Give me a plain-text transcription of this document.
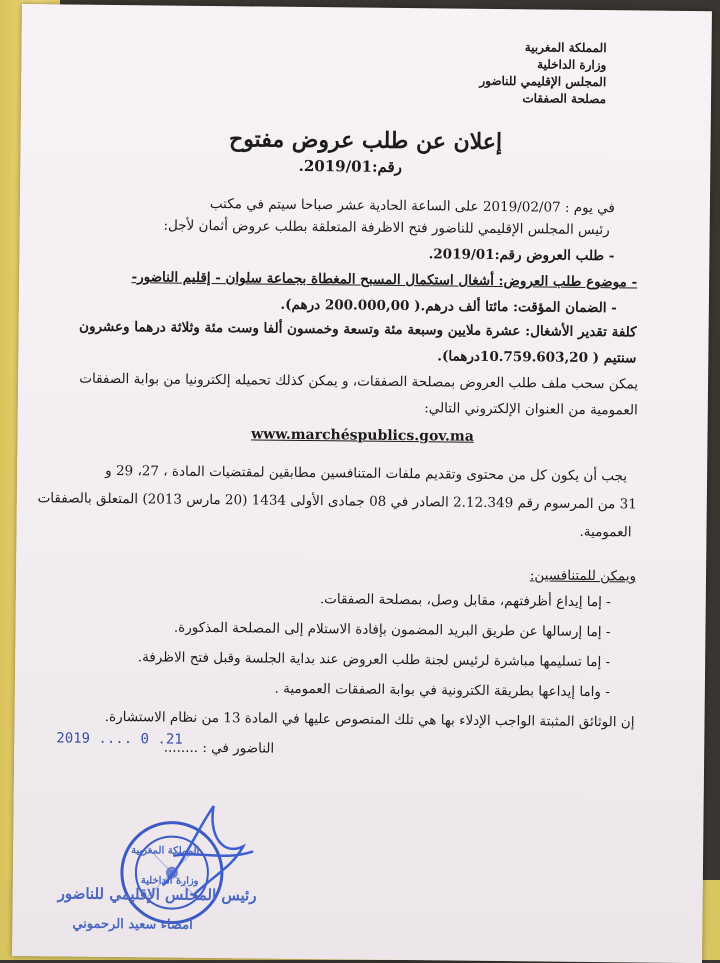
المملكة المغربية
وزارة الداخلية
المجلس الإقليمي للناضور
مصلحة الصفقات
إعلان عن طلب عروض مفتوح
رقم:2019/01.
في يوم : 2019/02/07 على الساعة الحادية عشر صباحا سيتم في مكتب
رئيس المجلس الإقليمي للناضور فتح الاظرفة المتعلقة بطلب عروض أثمان لأجل:
- طلب العروض رقم:2019/01.
- موضوع طلب العروض: أشغال استكمال المسبح المغطاة بجماعة سلوان - إقليم الناضور-
- الضمان المؤقت: مائتا ألف درهم.( 200.000,00 درهم).
كلفة تقدير الأشغال: عشرة ملايين وسبعة مئة وتسعة وخمسون ألفا وست مئة وثلاثة درهما وعشرون
سنتيم ( 10.759.603,20درهما).
يمكن سحب ملف طلب العروض بمصلحة الصفقات، و يمكن كذلك تحميله إلكترونيا من بوابة الصفقات
العمومية من العنوان الإلكتروني التالي:
www.marchéspublics.gov.ma
يجب أن يكون كل من محتوى وتقديم ملفات المتنافسين مطابقين لمقتضيات المادة ، 27، 29 و
31 من المرسوم رقم 2.12.349 الصادر في 08 جمادى الأولى 1434 (20 مارس 2013) المتعلق بالصفقات
العمومية.
ويمكن للمتنافسين:
- إما إيداع أظرفتهم، مقابل وصل، بمصلحة الصفقات.
- إما إرسالها عن طريق البريد المضمون بإفادة الاستلام إلى المصلحة المذكورة.
- إما تسليمها مباشرة لرئيس لجنة طلب العروض عند بداية الجلسة وقبل فتح الاظرفة.
- واما إيداعها بطريقة الكترونية في بوابة الصفقات العمومية .
إن الوثائق المثبتة الواجب الإدلاء بها هي تلك المنصوص عليها في المادة 13 من نظام الاستشارة.
الناضور في : ........
2019 .... 0 .21
المملكة المغربية
وزارة الداخلية
رئيس المجلس الإقليمي للناضور
امضاء سعيد الرحموني
